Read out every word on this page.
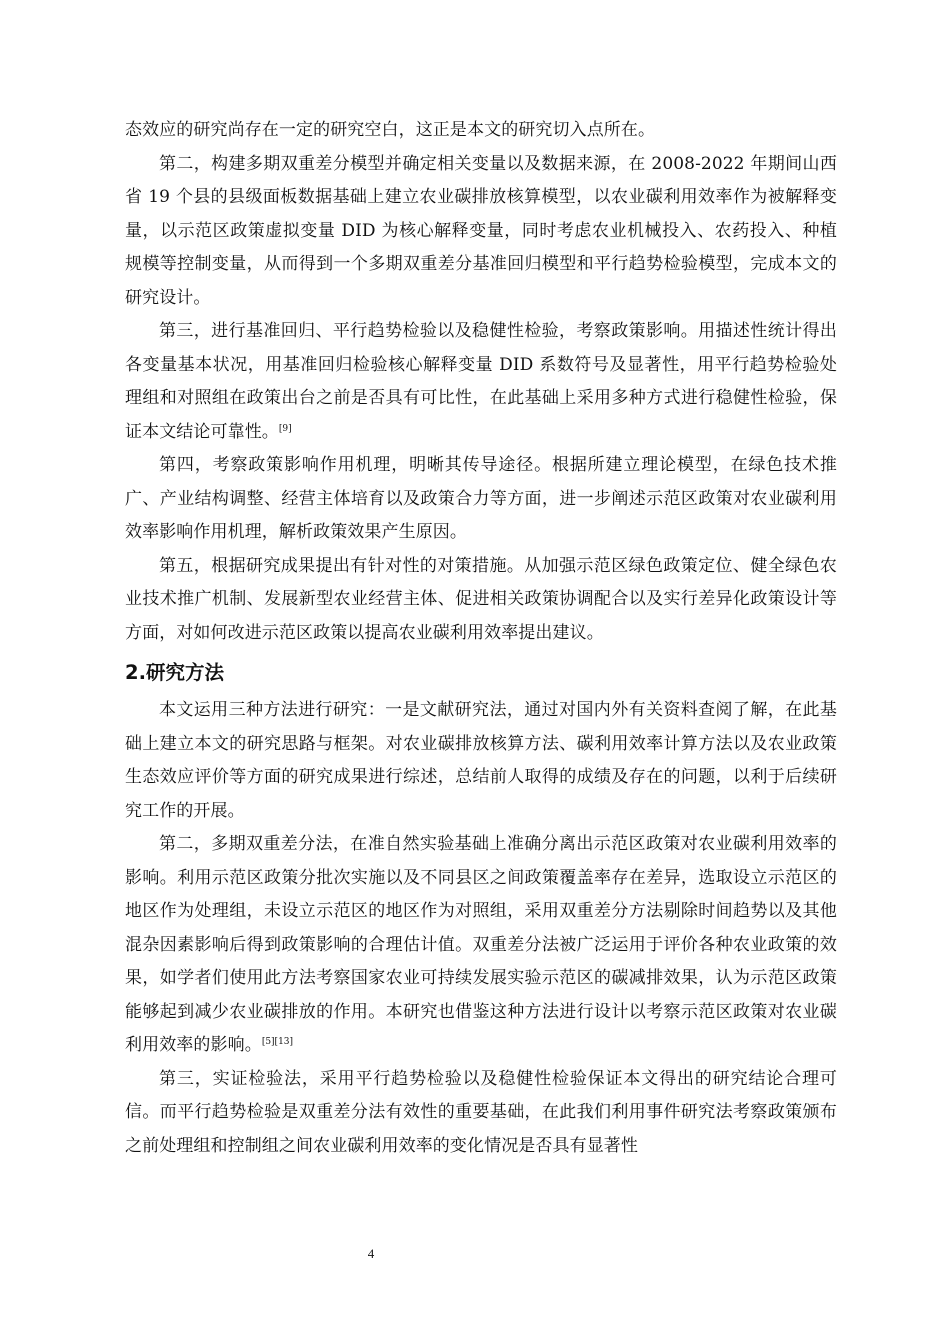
态效应的研究尚存在一定的研究空白，这正是本文的研究切入点所在。

第二，构建多期双重差分模型并确定相关变量以及数据来源，在 2008-2022 年期间山西省 19 个县的县级面板数据基础上建立农业碳排放核算模型，以农业碳利用效率作为被解释变量，以示范区政策虚拟变量 DID 为核心解释变量，同时考虑农业机械投入、农药投入、种植规模等控制变量，从而得到一个多期双重差分基准回归模型和平行趋势检验模型，完成本文的研究设计。

第三，进行基准回归、平行趋势检验以及稳健性检验，考察政策影响。用描述性统计得出各变量基本状况，用基准回归检验核心解释变量 DID 系数符号及显著性，用平行趋势检验处理组和对照组在政策出台之前是否具有可比性，在此基础上采用多种方式进行稳健性检验，保证本文结论可靠性。[9]

第四，考察政策影响作用机理，明晰其传导途径。根据所建立理论模型，在绿色技术推广、产业结构调整、经营主体培育以及政策合力等方面，进一步阐述示范区政策对农业碳利用效率影响作用机理，解析政策效果产生原因。

第五，根据研究成果提出有针对性的对策措施。从加强示范区绿色政策定位、健全绿色农业技术推广机制、发展新型农业经营主体、促进相关政策协调配合以及实行差异化政策设计等方面，对如何改进示范区政策以提高农业碳利用效率提出建议。

2.研究方法

本文运用三种方法进行研究：一是文献研究法，通过对国内外有关资料查阅了解，在此基础上建立本文的研究思路与框架。对农业碳排放核算方法、碳利用效率计算方法以及农业政策生态效应评价等方面的研究成果进行综述，总结前人取得的成绩及存在的问题，以利于后续研究工作的开展。

第二，多期双重差分法，在准自然实验基础上准确分离出示范区政策对农业碳利用效率的影响。利用示范区政策分批次实施以及不同县区之间政策覆盖率存在差异，选取设立示范区的地区作为处理组，未设立示范区的地区作为对照组，采用双重差分方法剔除时间趋势以及其他混杂因素影响后得到政策影响的合理估计值。双重差分法被广泛运用于评价各种农业政策的效果，如学者们使用此方法考察国家农业可持续发展实验示范区的碳减排效果，认为示范区政策能够起到减少农业碳排放的作用。本研究也借鉴这种方法进行设计以考察示范区政策对农业碳利用效率的影响。[5][13]

第三，实证检验法，采用平行趋势检验以及稳健性检验保证本文得出的研究结论合理可信。而平行趋势检验是双重差分法有效性的重要基础，在此我们利用事件研究法考察政策颁布之前处理组和控制组之间农业碳利用效率的变化情况是否具有显著性

4
